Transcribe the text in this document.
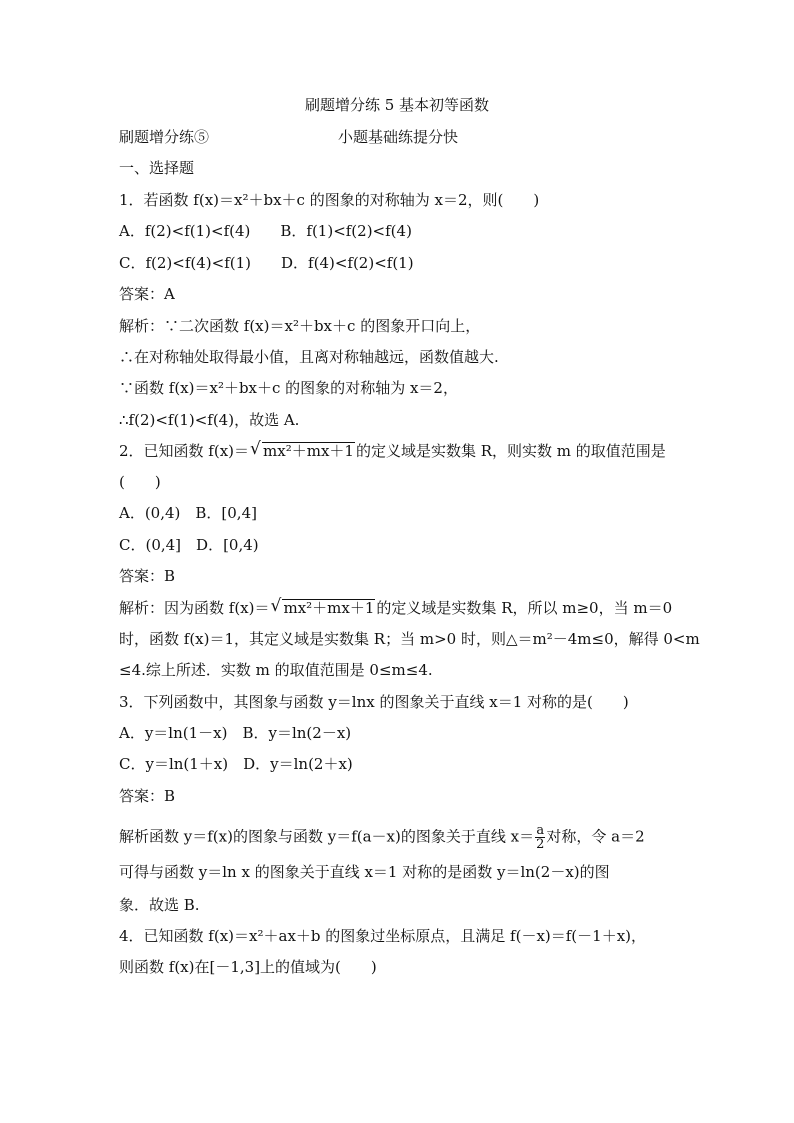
刷题增分练 5 基本初等函数
刷题增分练⑤	小题基础练提分快
一、选择题
1．若函数 f(x)＝x²＋bx＋c 的图象的对称轴为 x＝2，则(　　)
A．f(2)<f(1)<f(4)　　B．f(1)<f(2)<f(4)
C．f(2)<f(4)<f(1)　　D．f(4)<f(2)<f(1)
答案：A
解析：∵二次函数 f(x)＝x²＋bx＋c 的图象开口向上，
∴在对称轴处取得最小值，且离对称轴越远，函数值越大.
∵函数 f(x)＝x²＋bx＋c 的图象的对称轴为 x＝2，
∴f(2)<f(1)<f(4)，故选 A.
2．已知函数 f(x)＝ √ mx²＋mx＋1 的定义域是实数集 R，则实数 m 的取值范围是
(　　)
A．(0,4)　B．[0,4]
C．(0,4]　D．[0,4)
答案：B
解析：因为函数 f(x)＝ √ mx²＋mx＋1 的定义域是实数集 R，所以 m≥0，当 m＝0
时，函数 f(x)＝1，其定义域是实数集 R；当 m>0 时，则△＝m²－4m≤0，解得 0<m
≤4.综上所述．实数 m 的取值范围是 0≤m≤4.
3．下列函数中，其图象与函数 y＝lnx 的图象关于直线 x＝1 对称的是(　　)
A．y＝ln(1－x)　B．y＝ln(2－x)
C．y＝ln(1＋x)　D．y＝ln(2＋x)
答案：B
解析函数 y＝f(x)的图象与函数 y＝f(a－x)的图象关于直线 $x= \frac{a}{2}$ 对称，令 a＝2
可得与函数 y＝ln x 的图象关于直线 x＝1 对称的是函数 y＝ln(2－x)的图
象．故选 B.
4．已知函数 f(x)＝x²＋ax＋b 的图象过坐标原点，且满足 f(－x)＝f(－1＋x)，
则函数 f(x)在[－1,3]上的值域为(　　)
